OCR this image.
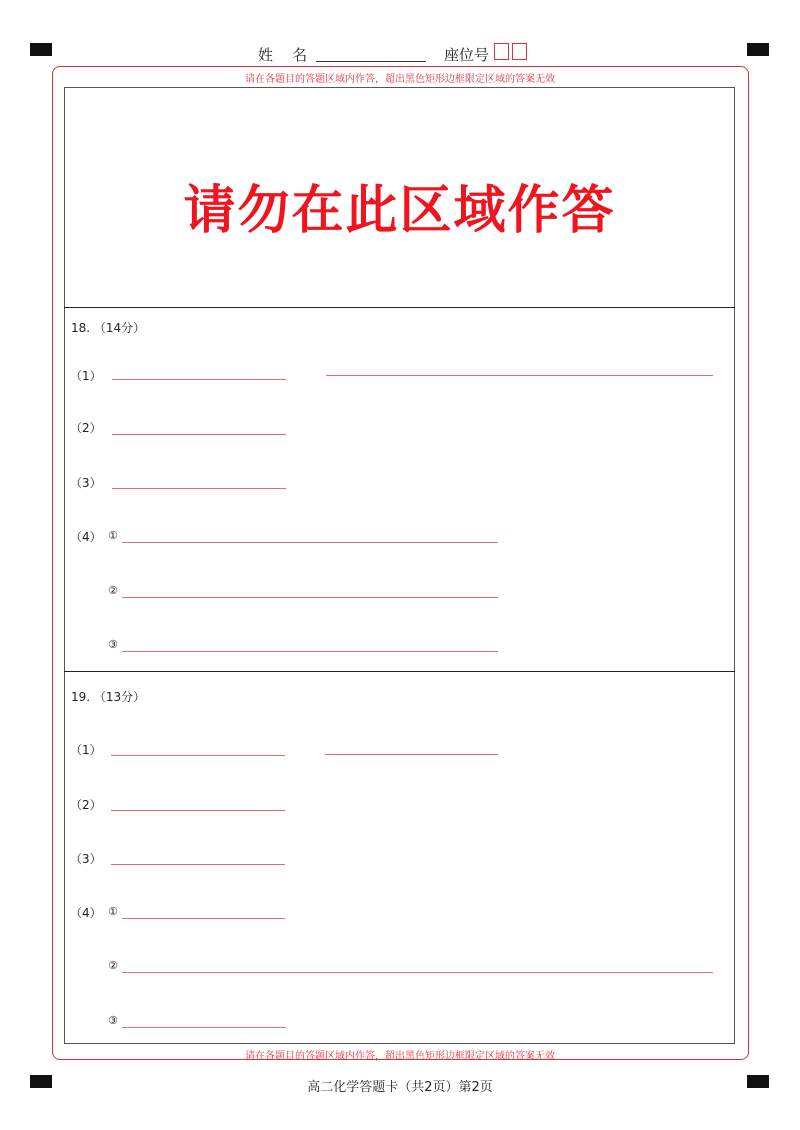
姓    名	座位号
请在各题目的答题区域内作答，超出黑色矩形边框限定区域的答案无效
请在各题目的答题区域内作答，超出黑色矩形边框限定区域的答案无效
请勿在此区域作答
18. （14分）
（1）
（2）
（3）
（4） ①
②
③
19. （13分）
（1）
（2）
（3）
（4） ①
②
③
高二化学答题卡（共2页）第2页
